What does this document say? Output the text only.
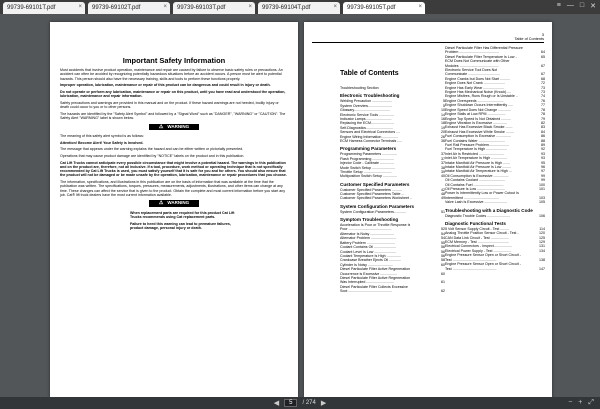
99739-69101T.pdf	× 99739-69102T.pdf	× 99739-69103T.pdf	× 99739-69104T.pdf	× 99739-69105T.pdf	×	≡ — □ ✕
Important Safety Information

Most accidents that involve product operation, maintenance and repair are caused by failure to observe basic safety rules or precautions. An accident can often be avoided by recognizing potentially hazardous situations before an accident occurs. A person must be alert to potential hazards. This person should also have the necessary training, skills and tools to perform these functions properly.

Improper operation, lubrication, maintenance or repair of this product can be dangerous and could result in injury or death.

Do not operate or perform any lubrication, maintenance or repair on this product, until you have read and understood the operation, lubrication, maintenance and repair information.

Safety precautions and warnings are provided in this manual and on the product. If these hazard warnings are not heeded, bodily injury or death could occur to you or to other persons.

The hazards are identified by the "Safety Alert Symbol" and followed by a "Signal Word" such as "DANGER", "WARNING" or "CAUTION". The Safety Alert "WARNING" label is shown below.

⚠ WARNING

The meaning of this safety alert symbol is as follows:

Attention! Become Alert! Your Safety is Involved.

The message that appears under the warning explains the hazard and can be either written or pictorially presented.

Operations that may cause product damage are identified by "NOTICE" labels on the product and in this publication.

Cat Lift Trucks cannot anticipate every possible circumstance that might involve a potential hazard. The warnings in this publication and on the product are, therefore, not all inclusive. If a tool, procedure, work method or operating technique that is not specifically recommended by Cat Lift Trucks is used, you must satisfy yourself that it is safe for you and for others. You should also ensure that the product will not be damaged or be made unsafe by the operation, lubrication, maintenance or repair procedures that you choose.

The information, specifications, and illustrations in this publication are on the basis of information that was available at the time that the publication was written. The specifications, torques, pressures, measurements, adjustments, illustrations, and other items can change at any time. These changes can affect the service that is given to the product. Obtain the complete and most current information before you start any job. Cat® lift truck dealers have the most current information available.

⚠ WARNING

When replacement parts are required for this product Cat Lift Trucks recommends using Cat replacement parts.

Failure to heed this warning can lead to premature failures, product damage, personal injury or death.

3
Table of Contents
Table of Contents
Troubleshooting Section
Electronic Troubleshooting
Welding Precaution ....................	5
System Overview........................	5
Glossary....................................	10
Electronic Service Tools ...............	14
Indicator Lamps..........................	16
Replacing the ECM.......................	18
Self-Diagnostics...........................	19
Sensors and Electrical Connectors ....	20
Engine Wiring Information ................	26
ECM Harness Connector Terminals .....	36
Programming Parameters
Programming Parameters ...............	37
Flash Programming ......................	37
Injector Code - Calibrate ..............	37
Mode Switch Setup .......................	38
Throttle Setup ............................	39
Multiposition Switch Setup ..............	40
Customer Specified Parameters
Customer Specified Parameters ..........	42
Customer Specified Parameters Table ...	48
Customer Specified Parameters Worksheet ..	49
System Configuration Parameters
System Configuration Parameters............	51
Symptom Troubleshooting
Acceleration Is Poor or Throttle Response Is
Poor ...........................................	52
Alternator Is Noisy ........................	54
Alternator Problem .........................	54
Battery Problem ............................	55
Coolant Contains Oil ......................	56
Coolant Level Is Low ......................	56
Coolant Temperature Is High ..............	56
Crankcase Breather Ejects Oil ............	58
Cylinder Is Noisy .........................	60
Diesel Particulate Filter Active Regeneration
Occurrence is Excessive .................	60
Diesel Particulate Filter Active Regeneration
Was Interrupted ............................	61
Diesel Particulate Filter Collects Excessive
Soot ............................................	62
Diesel Particulate Filter Has Differential Pressure
Problem ........................................	64
Diesel Particulate Filter Temperature Is Low ..	65
ECM Does Not Communicate with Other
Modules .......................................	67
Electronic Service Tool Does Not
Communicate ................................	67
Engine Cranks but Does Not Start ..........	68
Engine Does Not Crank .....................	72
Engine Has Early Wear .....................	73
Engine Has Mechanical Noise (Knock) ....	73
Engine Misfires, Runs Rough or Is Unstable ..	74
Engine Overspeeds ..........................	76
Engine Shutdown Occurs Intermittently .....	77
Engine Speed Does Not Change .............	78
Engine Stalls at Low RPM ..................	78
Engine Top Speed Is Not Obtained ..........	79
Engine Vibration Is Excessive ..............	82
Exhaust Has Excessive Black Smoke .......	83
Exhaust Has Excessive White Smoke ........	84
Fuel Consumption Is Excessive ...............	86
Fuel Contains Water ..........................	88
Fuel Rail Pressure Problem....................	89
Fuel Temperature Is High .....................	92
Inlet Air Is Restricted .........................	93
Inlet Air Temperature Is High ................	93
Intake Manifold Air Pressure Is High .......	95
Intake Manifold Air Pressure Is Low .........	96
Intake Manifold Air Temperature Is High ...	97
Oil Consumption Is Excessive ...............	99
Oil Contains Coolant ..........................	99
Oil Contains Fuel ..............................	100
Oil Pressure Is Low ............................	101
Power Is Intermittently Low or Power Cutout Is
Intermittent ...................................	103
Valve Lash Is Excessive .......................	105
Troubleshooting with a Diagnostic Code
Diagnostic Trouble Codes .......................	106
Diagnostic Functional Tests
5 Volt Sensor Supply Circuit - Test .........	114
Analog Throttle Position Sensor Circuit - Test ..	120
CAN Data Link Circuit - Test ..................	125
ECM Memory - Test ...............................	129
Electrical Connectors - Inspect..................	131
Electrical Power Supply - Test ..................	134
Engine Pressure Sensor Open or Short Circuit -
Test ............................................	138
Engine Pressure Sensor Open or Short Circuit -
Test ............................................	147
◀	5	/ 274 ▶	− + ⤢
